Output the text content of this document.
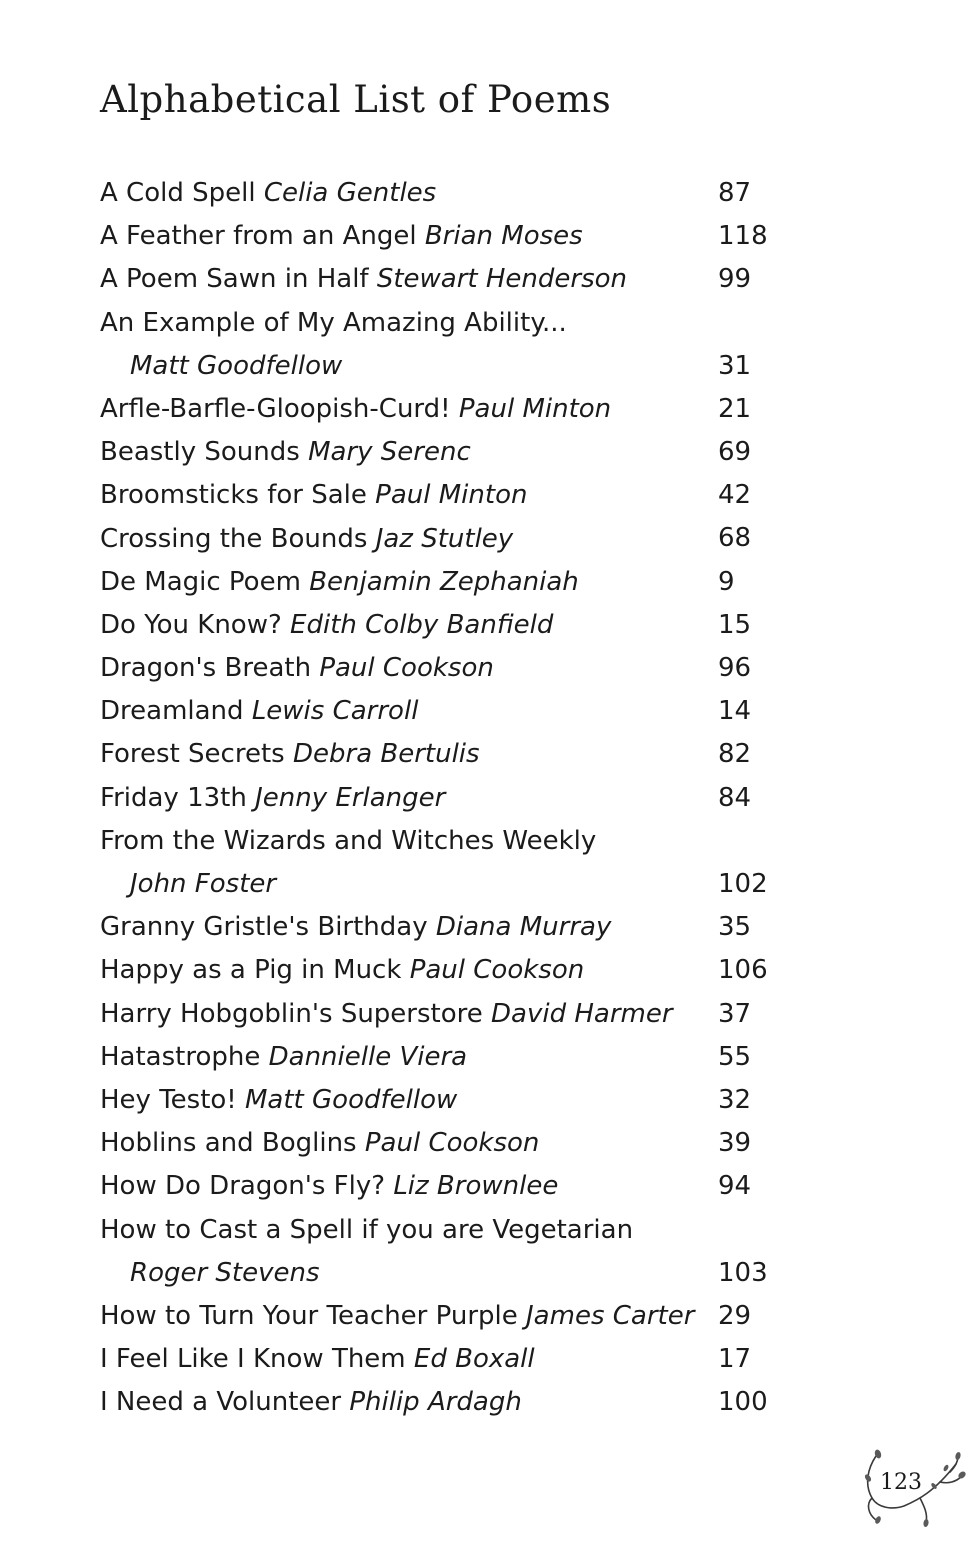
Alphabetical List of Poems
A Cold Spell Celia Gentles	87
A Feather from an Angel Brian Moses	118
A Poem Sawn in Half Stewart Henderson	99
An Example of My Amazing Ability...
Matt Goodfellow	31
Arfle-Barfle-Gloopish-Curd! Paul Minton	21
Beastly Sounds Mary Serenc	69
Broomsticks for Sale Paul Minton	42
Crossing the Bounds Jaz Stutley	68
De Magic Poem Benjamin Zephaniah	9
Do You Know? Edith Colby Banfield	15
Dragon's Breath Paul Cookson	96
Dreamland Lewis Carroll	14
Forest Secrets Debra Bertulis	82
Friday 13th Jenny Erlanger	84
From the Wizards and Witches Weekly
John Foster	102
Granny Gristle's Birthday Diana Murray	35
Happy as a Pig in Muck Paul Cookson	106
Harry Hobgoblin's Superstore David Harmer	37
Hatastrophe Dannielle Viera	55
Hey Testo! Matt Goodfellow	32
Hoblins and Boglins Paul Cookson	39
How Do Dragon's Fly? Liz Brownlee	94
How to Cast a Spell if you are Vegetarian
Roger Stevens	103
How to Turn Your Teacher Purple James Carter 29
I Feel Like I Know Them Ed Boxall	17
I Need a Volunteer Philip Ardagh	100
123
